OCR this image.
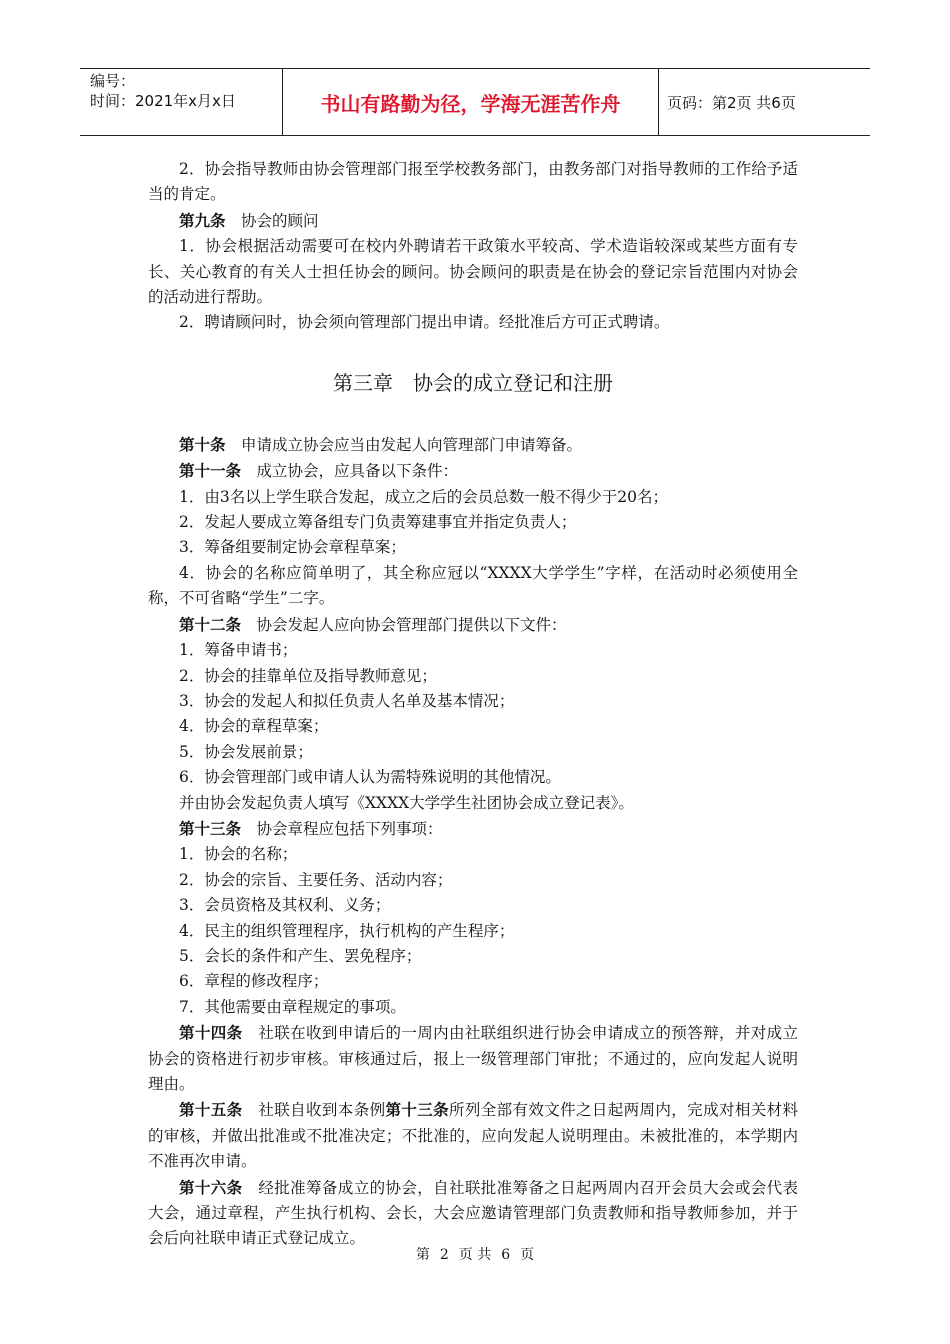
编号：
时间：2021年x月x日	书山有路勤为径，学海无涯苦作舟	页码：第2页 共6页

2．协会指导教师由协会管理部门报至学校教务部门，由教务部门对指导教师的工作给予适当的肯定。

第九条　协会的顾问

1．协会根据活动需要可在校内外聘请若干政策水平较高、学术造诣较深或某些方面有专长、关心教育的有关人士担任协会的顾问。协会顾问的职责是在协会的登记宗旨范围内对协会的活动进行帮助。

2．聘请顾问时，协会须向管理部门提出申请。经批准后方可正式聘请。

第三章　协会的成立登记和注册

第十条　申请成立协会应当由发起人向管理部门申请筹备。

第十一条　成立协会，应具备以下条件：

1．由3名以上学生联合发起，成立之后的会员总数一般不得少于20名；

2．发起人要成立筹备组专门负责筹建事宜并指定负责人；

3．筹备组要制定协会章程草案；

4．协会的名称应简单明了，其全称应冠以“XXXX大学学生”字样，在活动时必须使用全称，不可省略“学生”二字。

第十二条　协会发起人应向协会管理部门提供以下文件：

1．筹备申请书；

2．协会的挂靠单位及指导教师意见；

3．协会的发起人和拟任负责人名单及基本情况；

4．协会的章程草案；

5．协会发展前景；

6．协会管理部门或申请人认为需特殊说明的其他情况。

并由协会发起负责人填写《XXXX大学学生社团协会成立登记表》。

第十三条　协会章程应包括下列事项：

1．协会的名称；

2．协会的宗旨、主要任务、活动内容；

3．会员资格及其权利、义务；

4．民主的组织管理程序，执行机构的产生程序；

5．会长的条件和产生、罢免程序；

6．章程的修改程序；

7．其他需要由章程规定的事项。

第十四条　社联在收到申请后的一周内由社联组织进行协会申请成立的预答辩，并对成立协会的资格进行初步审核。审核通过后，报上一级管理部门审批；不通过的，应向发起人说明理由。

第十五条　社联自收到本条例第十三条所列全部有效文件之日起两周内，完成对相关材料的审核，并做出批准或不批准决定；不批准的，应向发起人说明理由。未被批准的，本学期内不准再次申请。

第十六条　经批准筹备成立的协会，自社联批准筹备之日起两周内召开会员大会或会代表大会，通过章程，产生执行机构、会长，大会应邀请管理部门负责教师和指导教师参加，并于会后向社联申请正式登记成立。

第 2 页 共 6 页
